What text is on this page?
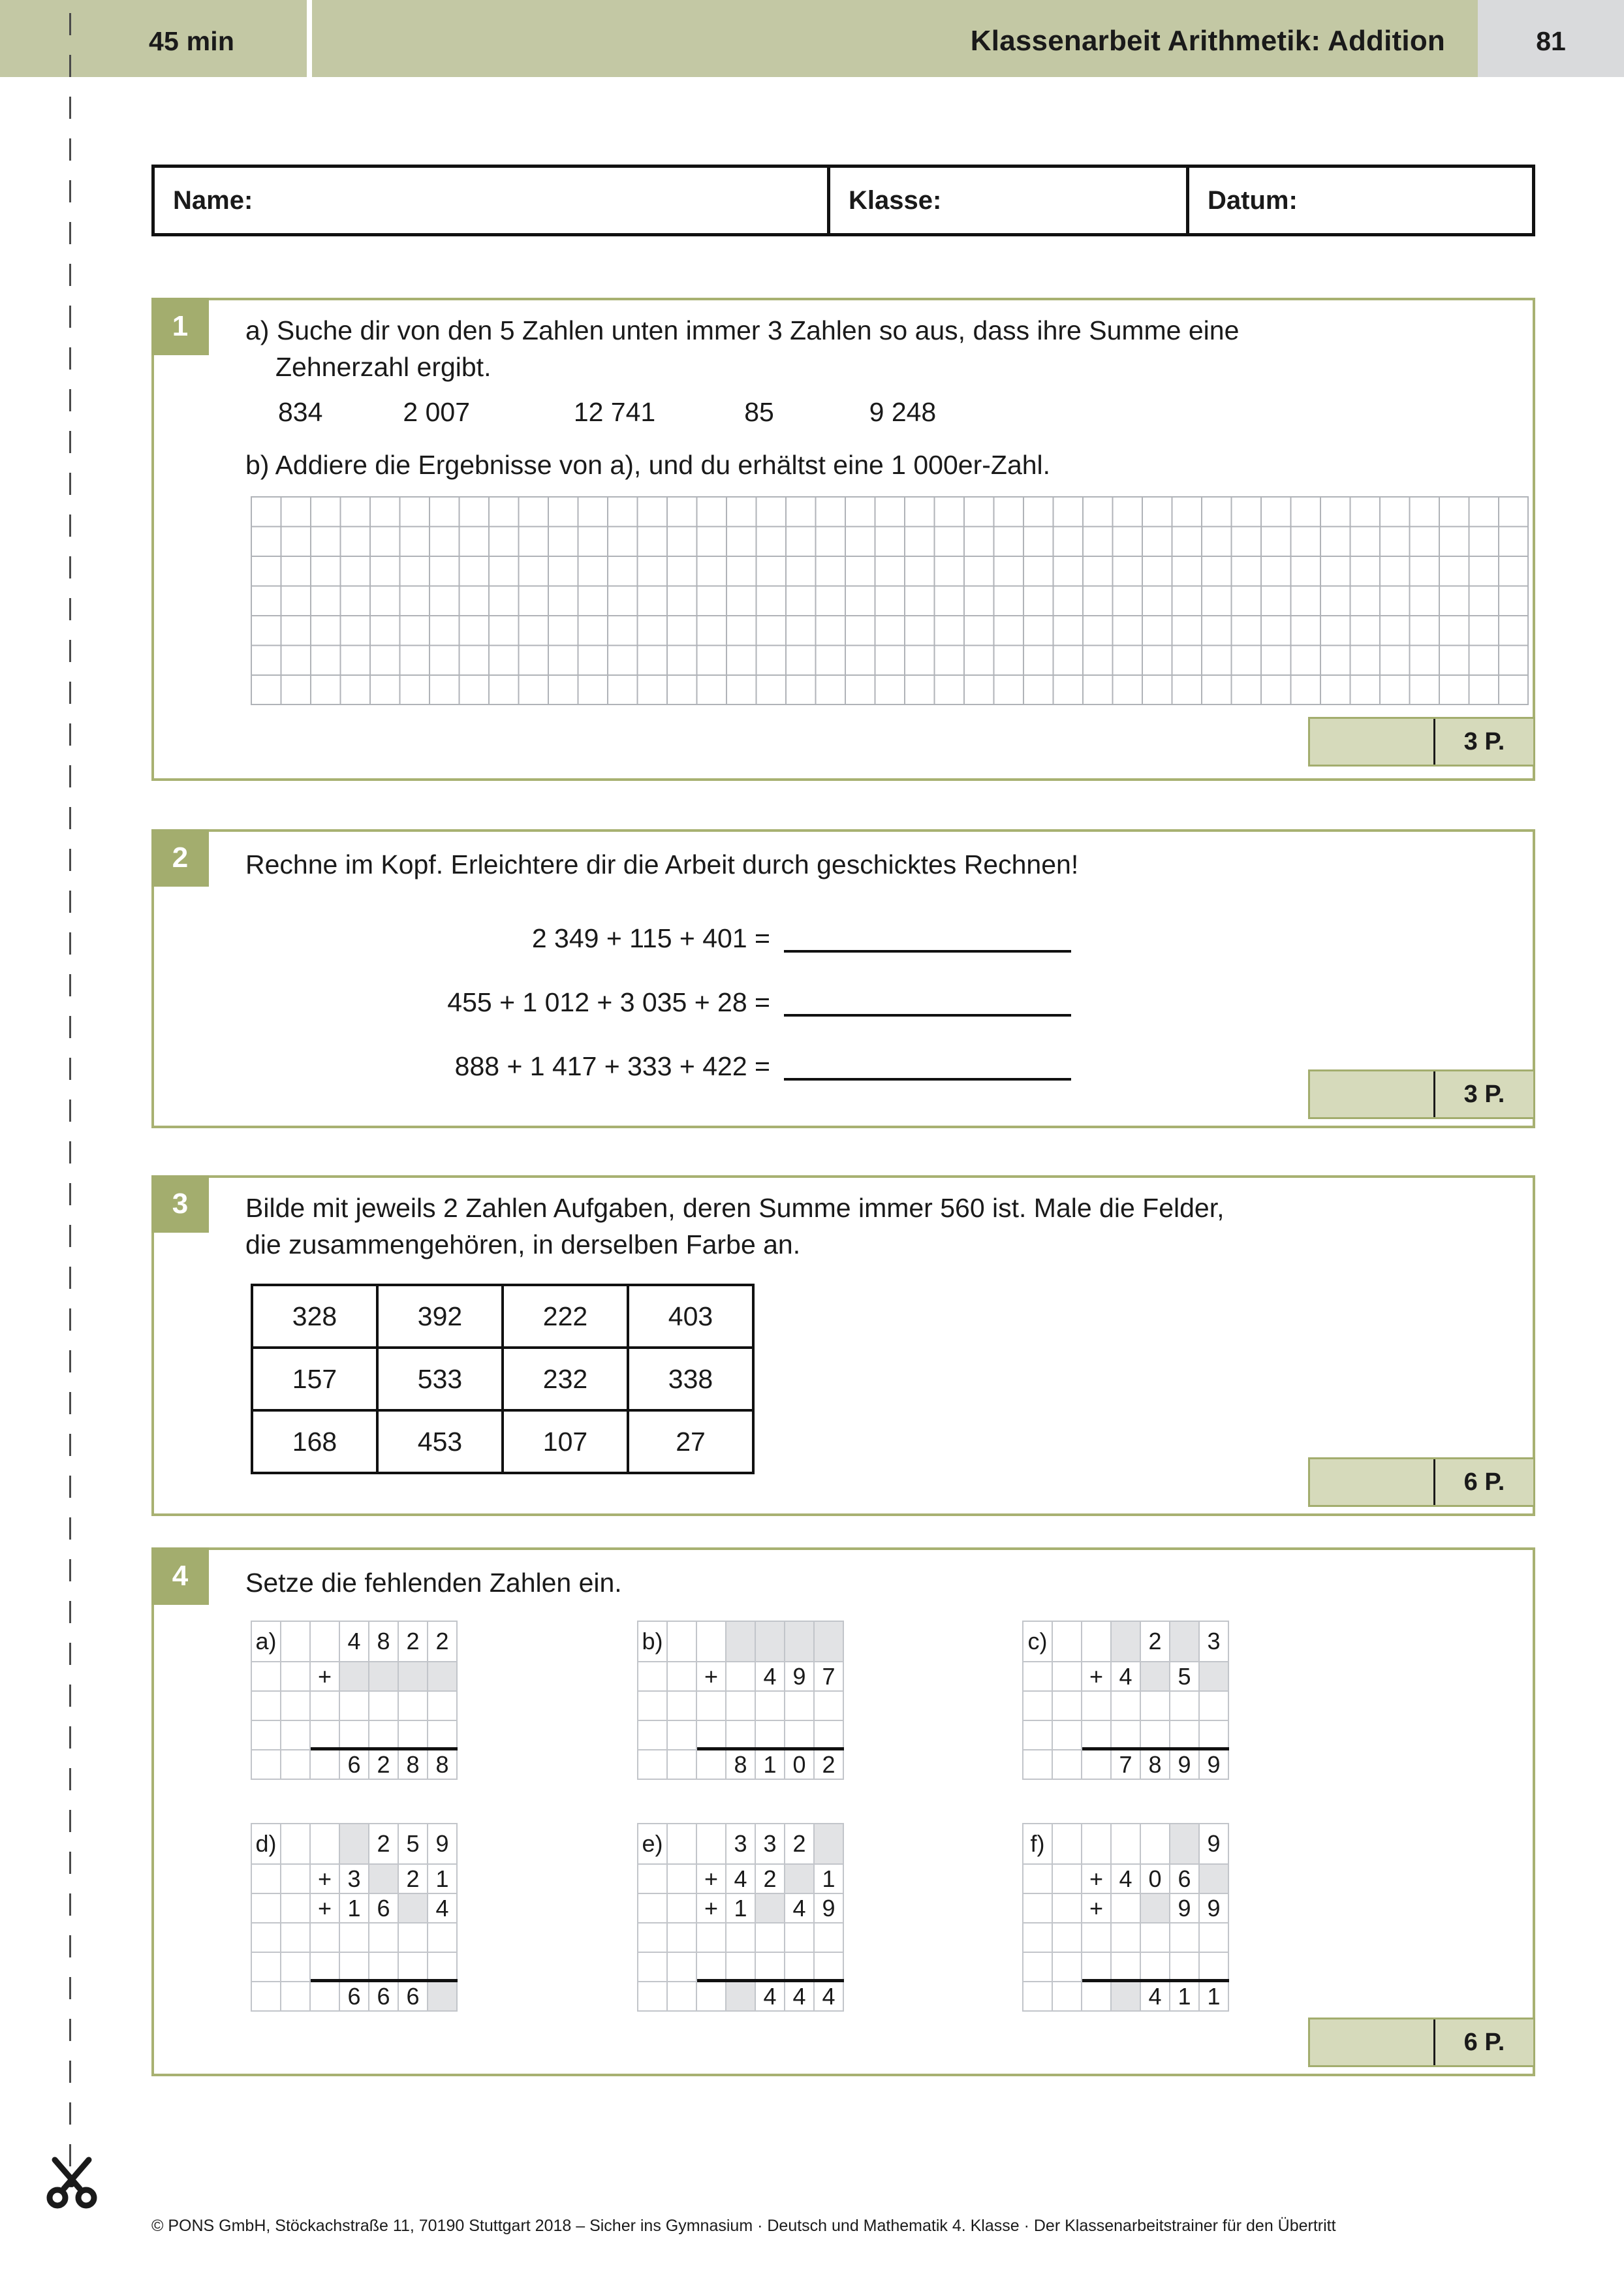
Klassenarbeit Arithmetik: Addition	81
45 min
Name:	Klasse:	Datum:
1	a) Suche dir von den 5 Zahlen unten immer 3 Zahlen so aus, dass ihre Summe eine
Zehnerzahl ergibt.
834	2 007	12 741	85	9 248
b) Addiere die Ergebnisse von a), und du erhältst eine 1 000er-Zahl.
3 P.
2	Rechne im Kopf. Erleichtere dir die Arbeit durch geschicktes Rechnen!
2 349 + 115 + 401 =
455 + 1 012 + 3 035 + 28 =
888 + 1 417 + 333 + 422 =
3 P.
3	Bilde mit jeweils 2 Zahlen Aufgaben, deren Summe immer 560 ist. Male die Felder,
die zusammengehören, in derselben Farbe an.
328	392	222	403
157	533	232	338
168	453	107	27
6 P.
4	Setze die fehlenden Zahlen ein.
a)			4	8	2	2
		+				

			6	2	8	8
b)						
		+		4	9	7

			8	1	0	2
c)				2		3
		+	4		5	

			7	8	9	9
d)				2	5	9
		+	3		2	1
		+	1	6		4

			6	6	6	
e)			3	3	2	
		+	4	2		1
		+	1		4	9

				4	4	4
f)						9
		+	4	0	6	
		+			9	9

				4	1	1
6 P.
© PONS GmbH, Stöckachstraße 11, 70190 Stuttgart 2018 – Sicher ins Gymnasium · Deutsch und Mathematik 4. Klasse · Der Klassenarbeitstrainer für den Übertritt
